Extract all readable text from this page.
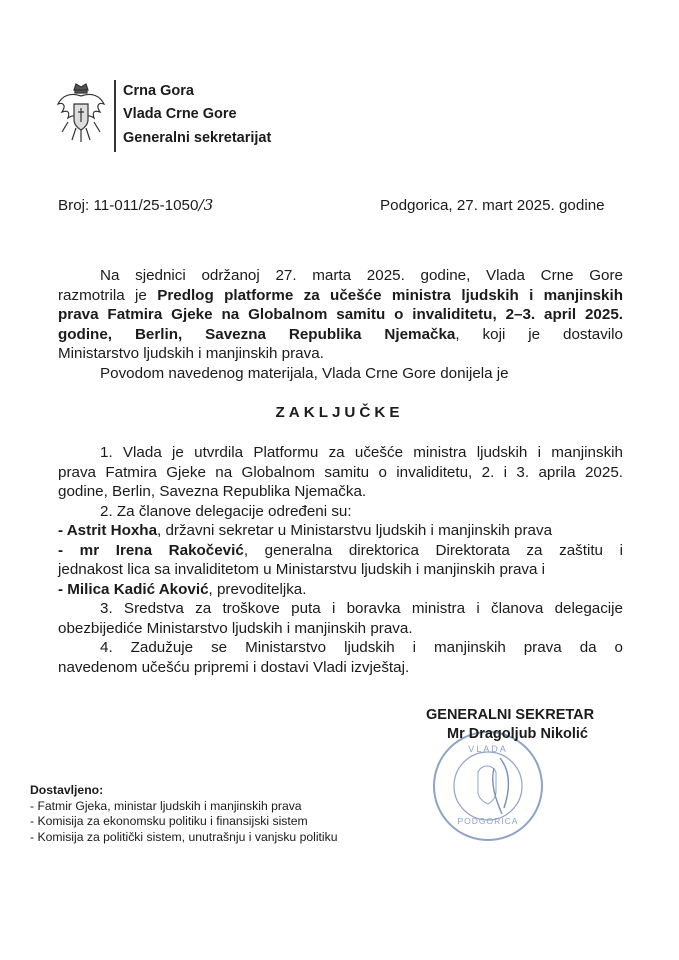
Crna Gora
Vlada Crne Gore
Generalni sekretarijat
Broj: 11-011/25-1050/3	Podgorica, 27. mart 2025. godine
Na sjednici održanoj 27. marta 2025. godine, Vlada Crne Gore
razmotrila je Predlog platforme za učešće ministra ljudskih i manjinskih
prava Fatmira Gjeke na Globalnom samitu o invaliditetu, 2–3. april 2025.
godine, Berlin, Savezna Republika Njemačka, koji je dostavilo
Ministarstvo ljudskih i manjinskih prava.
Povodom navedenog materijala, Vlada Crne Gore donijela je
ZAKLJUČKE
1. Vlada je utvrdila Platformu za učešće ministra ljudskih i manjinskih
prava Fatmira Gjeke na Globalnom samitu o invaliditetu, 2. i 3. aprila 2025.
godine, Berlin, Savezna Republika Njemačka.
2. Za članove delegacije određeni su:
- Astrit Hoxha, državni sekretar u Ministarstvu ljudskih i manjinskih prava
- mr Irena Rakočević, generalna direktorica Direktorata za zaštitu i
jednakost lica sa invaliditetom u Ministarstvu ljudskih i manjinskih prava i
- Milica Kadić Aković, prevoditeljka.
3. Sredstva za troškove puta i boravka ministra i članova delegacije
obezbijediće Ministarstvo ljudskih i manjinskih prava.
4. Zadužuje se Ministarstvo ljudskih i manjinskih prava da o
navedenom učešću pripremi i dostavi Vladi izvještaj.
VLADA
PODGORICA
GENERALNI SEKRETAR
Mr Dragoljub Nikolić
Dostavljeno:
- Fatmir Gjeka, ministar ljudskih i manjinskih prava
- Komisija za ekonomsku politiku i finansijski sistem
- Komisija za politički sistem, unutrašnju i vanjsku politiku
